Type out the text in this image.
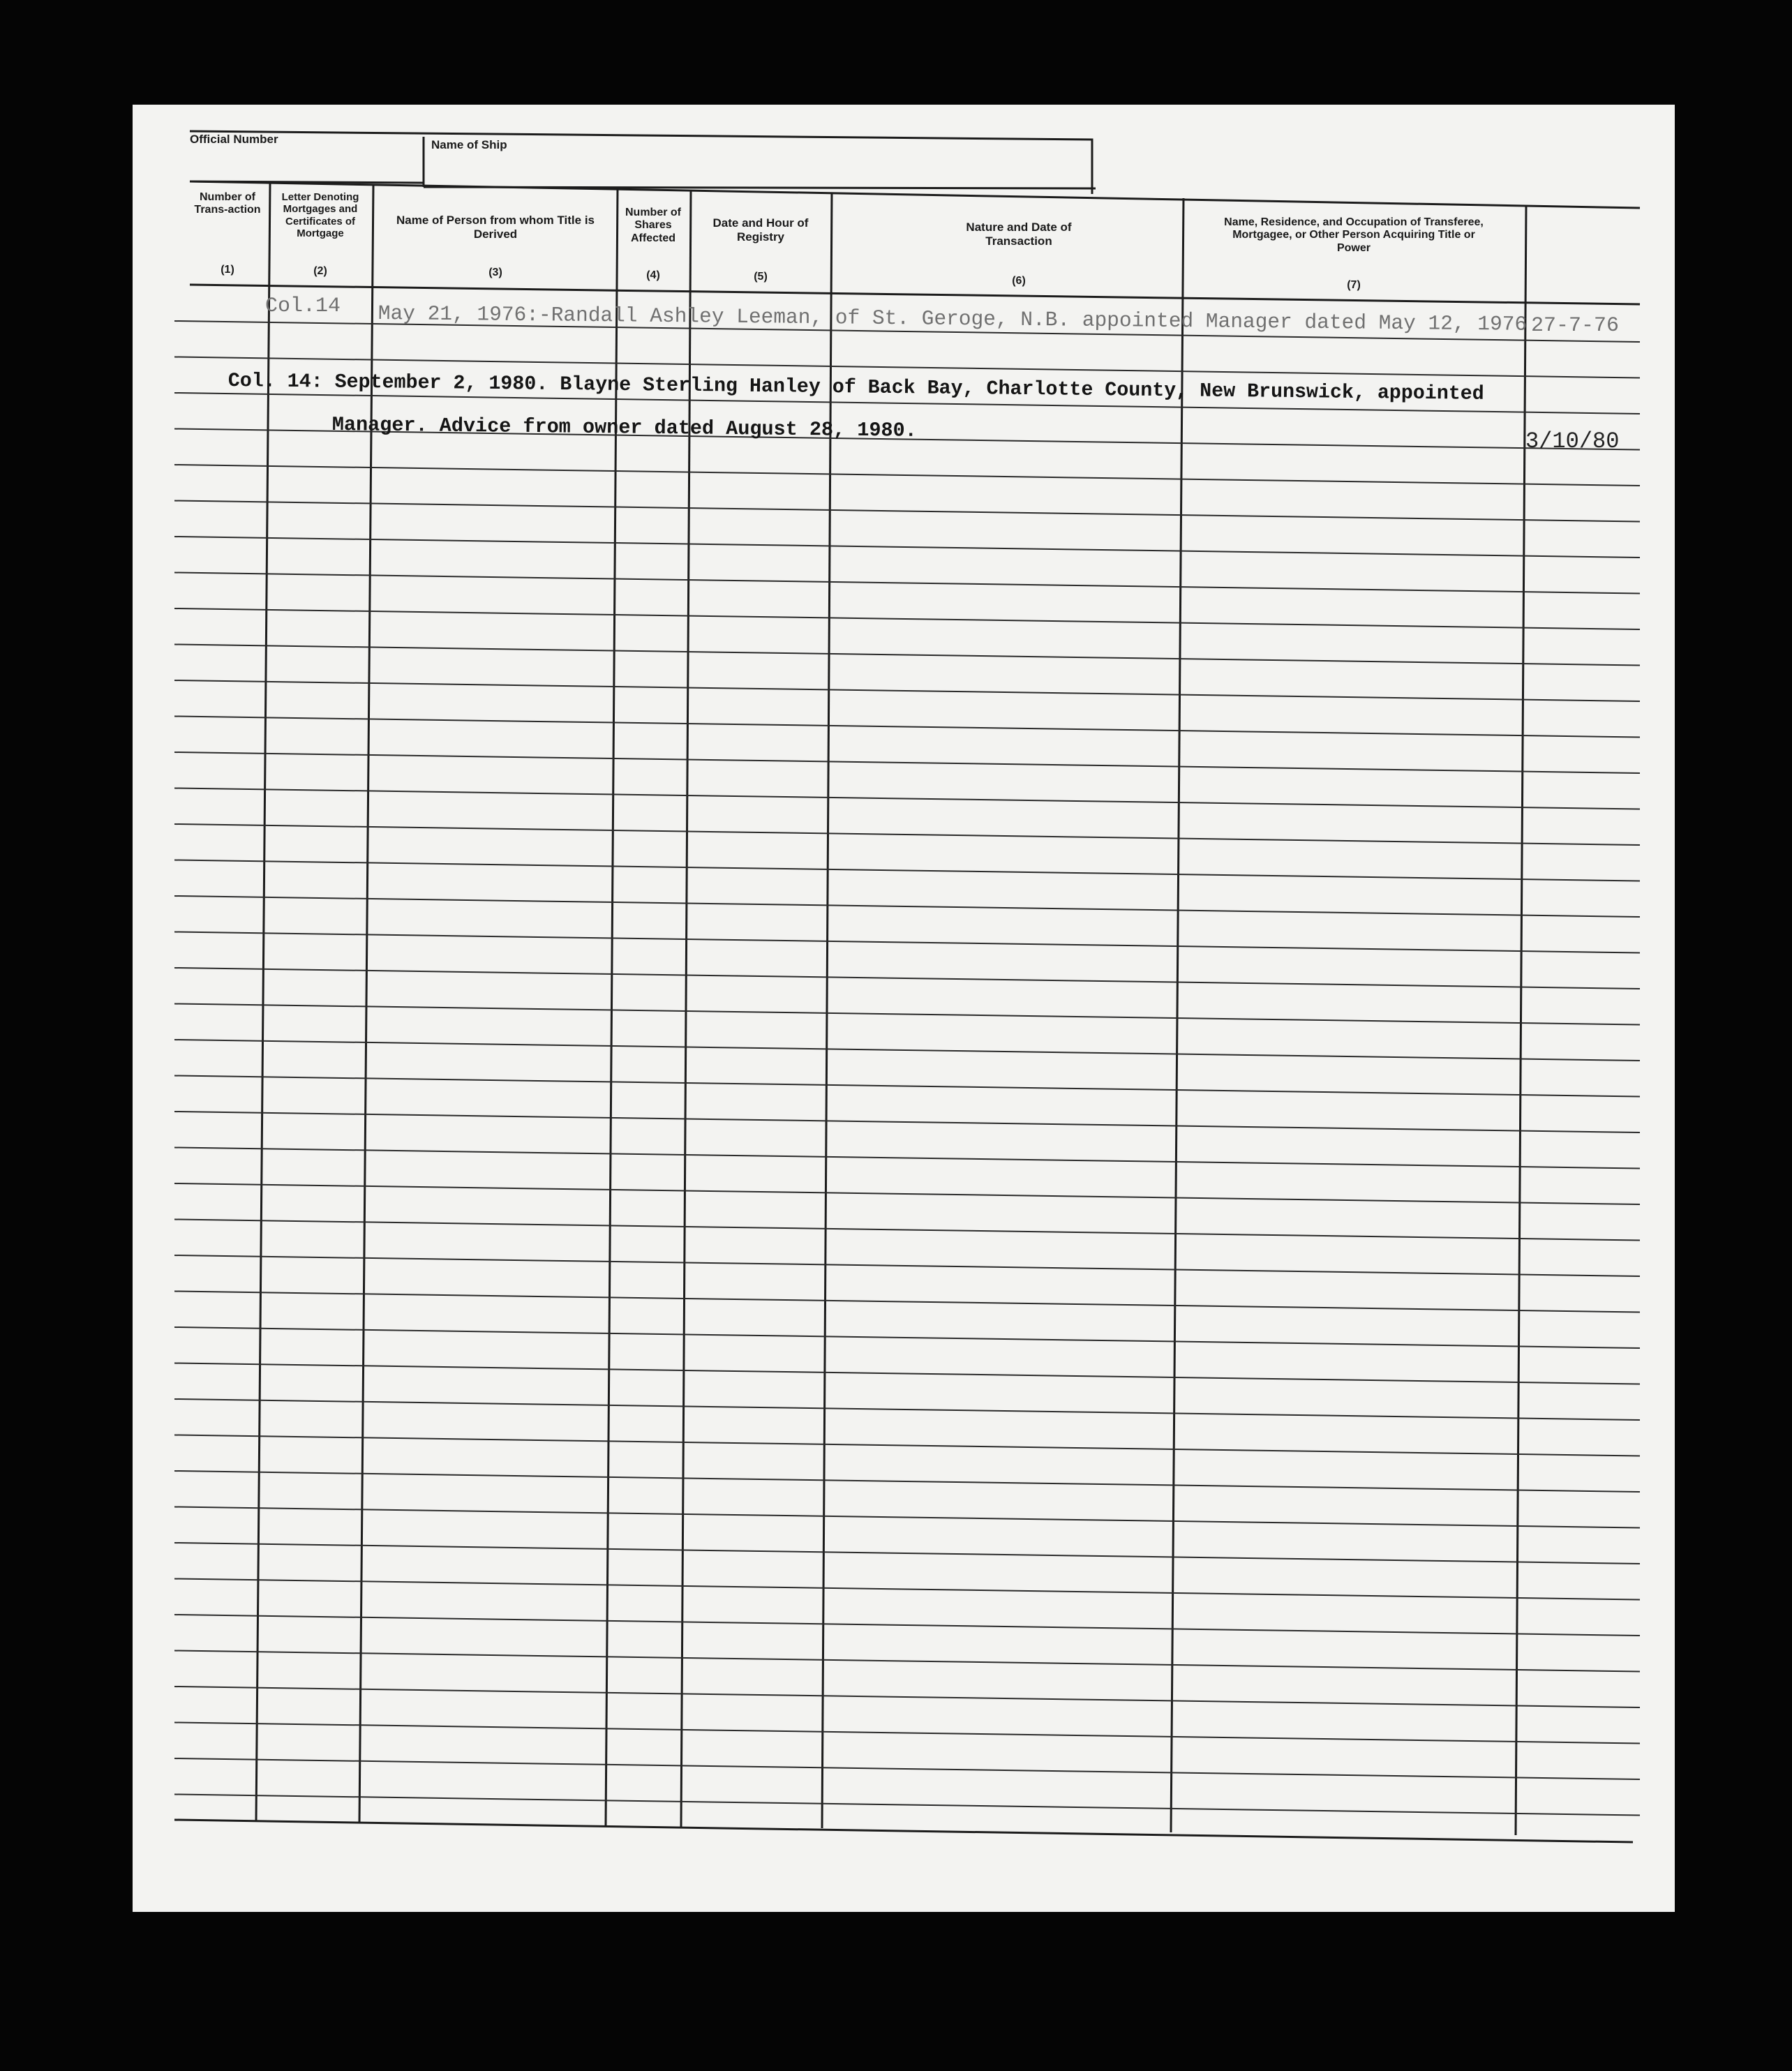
Official Number	Name of Ship
Number of Trans-action
(1)
Letter Denoting Mortgages and Certificates of Mortgage
(2)
Name of Person from whom Title is Derived
(3)
Number of Shares Affected
(4)
Date and Hour of Registry
(5)
Nature and Date of Transaction
(6)
Name, Residence, and Occupation of Transferee, Mortgagee, or Other Person Acquiring Title or Power
(7)
Col.14 May 21, 1976:-Randall Ashley Leeman, of St. Geroge, N.B. appointed Manager dated May 12, 1976 27-7-76
Col. 14: September 2, 1980. Blayne Sterling Hanley of Back Bay, Charlotte County, New Brunswick, appointed
Manager. Advice from owner dated August 28, 1980.	3/10/80
